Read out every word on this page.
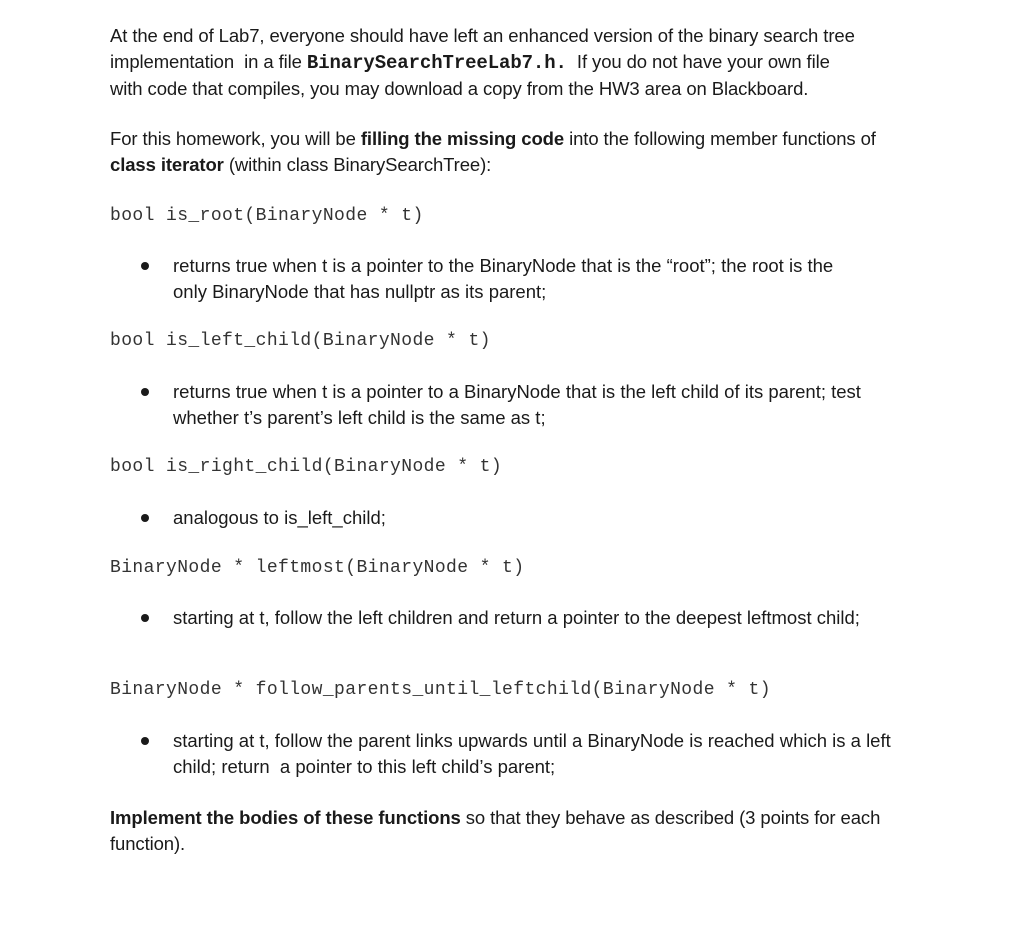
At the end of Lab7, everyone should have left an enhanced version of the binary search tree
implementation  in a file BinarySearchTreeLab7.h.  If you do not have your own file
with code that compiles, you may download a copy from the HW3 area on Blackboard.
For this homework, you will be filling the missing code into the following member functions of
class iterator (within class BinarySearchTree):
bool is_root(BinaryNode * t)
returns true when t is a pointer to the BinaryNode that is the “root”; the root is the
only BinaryNode that has nullptr as its parent;
bool is_left_child(BinaryNode * t)
returns true when t is a pointer to a BinaryNode that is the left child of its parent; test
whether t’s parent’s left child is the same as t;
bool is_right_child(BinaryNode * t)
analogous to is_left_child;
BinaryNode * leftmost(BinaryNode * t)
starting at t, follow the left children and return a pointer to the deepest leftmost child;
BinaryNode * follow_parents_until_leftchild(BinaryNode * t)
starting at t, follow the parent links upwards until a BinaryNode is reached which is a left
child; return  a pointer to this left child’s parent;
Implement the bodies of these functions so that they behave as described (3 points for each
function).
